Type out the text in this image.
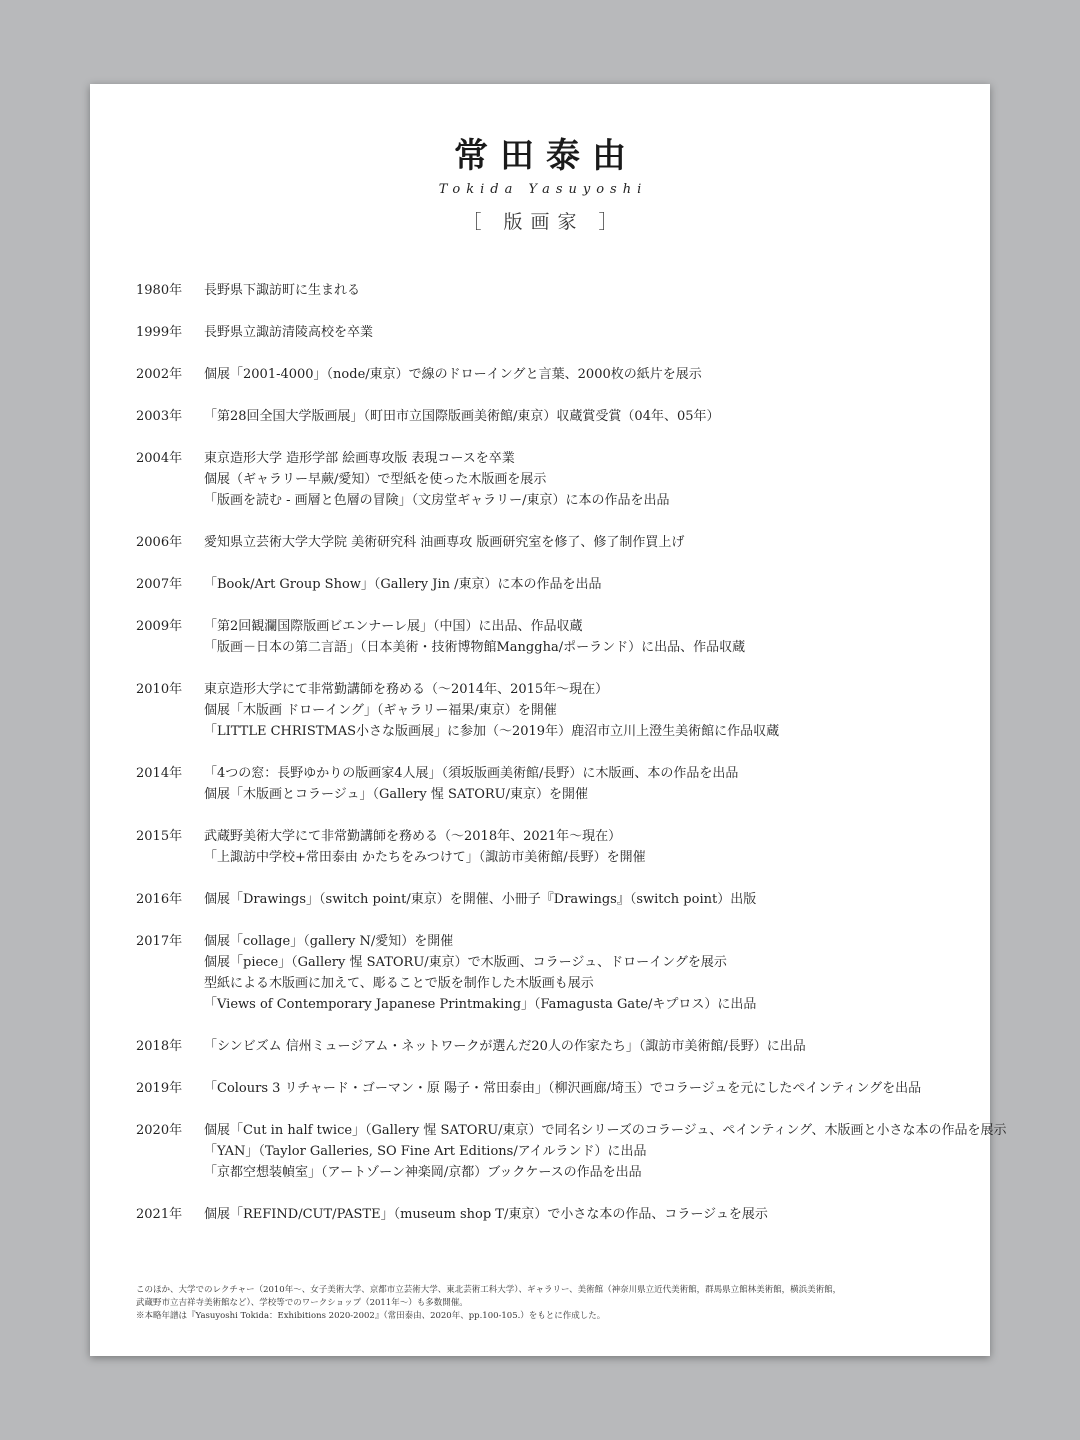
常田泰由
Tokida Yasuyoshi
［ 版画家 ］
1980年	長野県下諏訪町に生まれる
1999年	長野県立諏訪清陵高校を卒業
2002年	個展「2001-4000」（node/東京）で線のドローイングと言葉、2000枚の紙片を展示
2003年	「第28回全国大学版画展」（町田市立国際版画美術館/東京）収蔵賞受賞（04年、05年）
2004年	東京造形大学 造形学部 絵画専攻版 表現コースを卒業
個展（ギャラリー早蕨/愛知）で型紙を使った木版画を展示
「版画を読む - 画層と色層の冒険」（文房堂ギャラリー/東京）に本の作品を出品
2006年	愛知県立芸術大学大学院 美術研究科 油画専攻 版画研究室を修了、修了制作買上げ
2007年	「Book/Art Group Show」（Gallery Jin /東京）に本の作品を出品
2009年	「第2回観瀾国際版画ビエンナーレ展」（中国）に出品、作品収蔵
「版画－日本の第二言語」（日本美術・技術博物館Manggha/ポーランド）に出品、作品収蔵
2010年	東京造形大学にて非常勤講師を務める（～2014年、2015年～現在）
個展「木版画 ドローイング」（ギャラリー福果/東京）を開催
「LITTLE CHRISTMAS小さな版画展」に参加（～2019年）鹿沼市立川上澄生美術館に作品収蔵
2014年	「4つの窓：長野ゆかりの版画家4人展」（須坂版画美術館/長野）に木版画、本の作品を出品
個展「木版画とコラージュ」（Gallery 惺 SATORU/東京）を開催
2015年	武蔵野美術大学にて非常勤講師を務める（～2018年、2021年～現在）
「上諏訪中学校+常田泰由 かたちをみつけて」（諏訪市美術館/長野）を開催
2016年	個展「Drawings」（switch point/東京）を開催、小冊子『Drawings』（switch point）出版
2017年	個展「collage」（gallery N/愛知）を開催
個展「piece」（Gallery 惺 SATORU/東京）で木版画、コラージュ、ドローイングを展示
型紙による木版画に加えて、彫ることで版を制作した木版画も展示
「Views of Contemporary Japanese Printmaking」（Famagusta Gate/キプロス）に出品
2018年	「シンビズム 信州ミュージアム・ネットワークが選んだ20人の作家たち」（諏訪市美術館/長野）に出品
2019年	「Colours 3 リチャード・ゴーマン・原 陽子・常田泰由」（柳沢画廊/埼玉）でコラージュを元にしたペインティングを出品
2020年	個展「Cut in half twice」（Gallery 惺 SATORU/東京）で同名シリーズのコラージュ、ペインティング、木版画と小さな本の作品を展示
「YAN」（Taylor Galleries, SO Fine Art Editions/アイルランド）に出品
「京都空想装幀室」（アートゾーン神楽岡/京都）ブックケースの作品を出品
2021年	個展「REFIND/CUT/PASTE」（museum shop T/東京）で小さな本の作品、コラージュを展示
このほか、大学でのレクチャー（2010年～、女子美術大学、京都市立芸術大学、東北芸術工科大学）、ギャラリー、美術館（神奈川県立近代美術館，群馬県立館林美術館，横浜美術館，
武蔵野市立吉祥寺美術館など）、学校等でのワークショップ（2011年～）も多数開催。
※本略年譜は『Yasuyoshi Tokida：Exhibitions 2020-2002』（常田泰由、2020年、pp.100-105.）をもとに作成した。
